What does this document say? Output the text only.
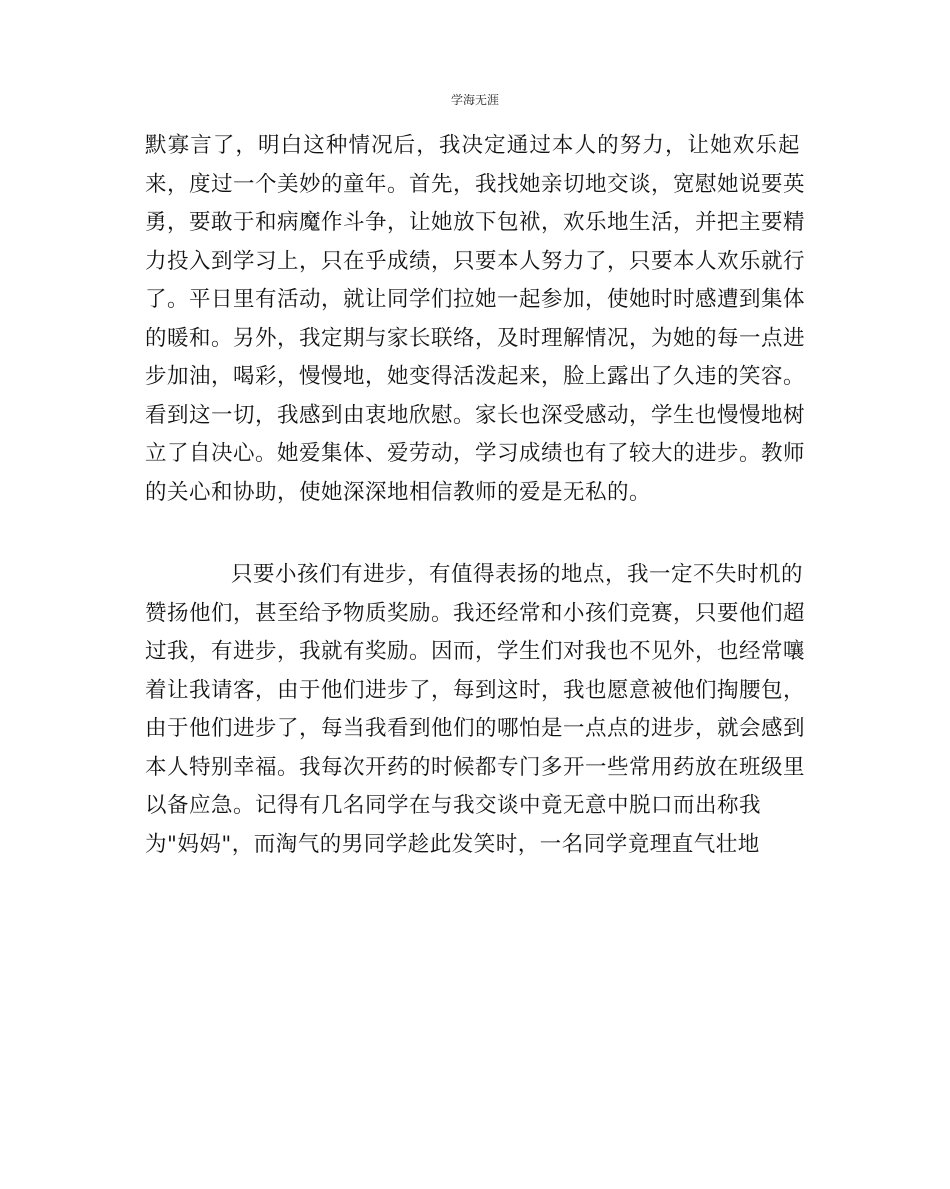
学海无涯
默寡言了，明白这种情况后，我决定通过本人的努力，让她欢乐起
来，度过一个美妙的童年。首先，我找她亲切地交谈，宽慰她说要英
勇，要敢于和病魔作斗争，让她放下包袱，欢乐地生活，并把主要精
力投入到学习上，只在乎成绩，只要本人努力了，只要本人欢乐就行
了。平日里有活动，就让同学们拉她一起参加，使她时时感遭到集体
的暖和。另外，我定期与家长联络，及时理解情况，为她的每一点进
步加油，喝彩，慢慢地，她变得活泼起来，脸上露出了久违的笑容。
看到这一切，我感到由衷地欣慰。家长也深受感动，学生也慢慢地树
立了自决心。她爱集体、爱劳动，学习成绩也有了较大的进步。教师
的关心和协助，使她深深地相信教师的爱是无私的。
只要小孩们有进步，有值得表扬的地点，我一定不失时机的
赞扬他们，甚至给予物质奖励。我还经常和小孩们竞赛，只要他们超
过我，有进步，我就有奖励。因而，学生们对我也不见外，也经常嚷
着让我请客，由于他们进步了，每到这时，我也愿意被他们掏腰包，
由于他们进步了，每当我看到他们的哪怕是一点点的进步，就会感到
本人特别幸福。我每次开药的时候都专门多开一些常用药放在班级里
以备应急。记得有几名同学在与我交谈中竟无意中脱口而出称我
为"妈妈"，而淘气的男同学趁此发笑时，一名同学竟理直气壮地
